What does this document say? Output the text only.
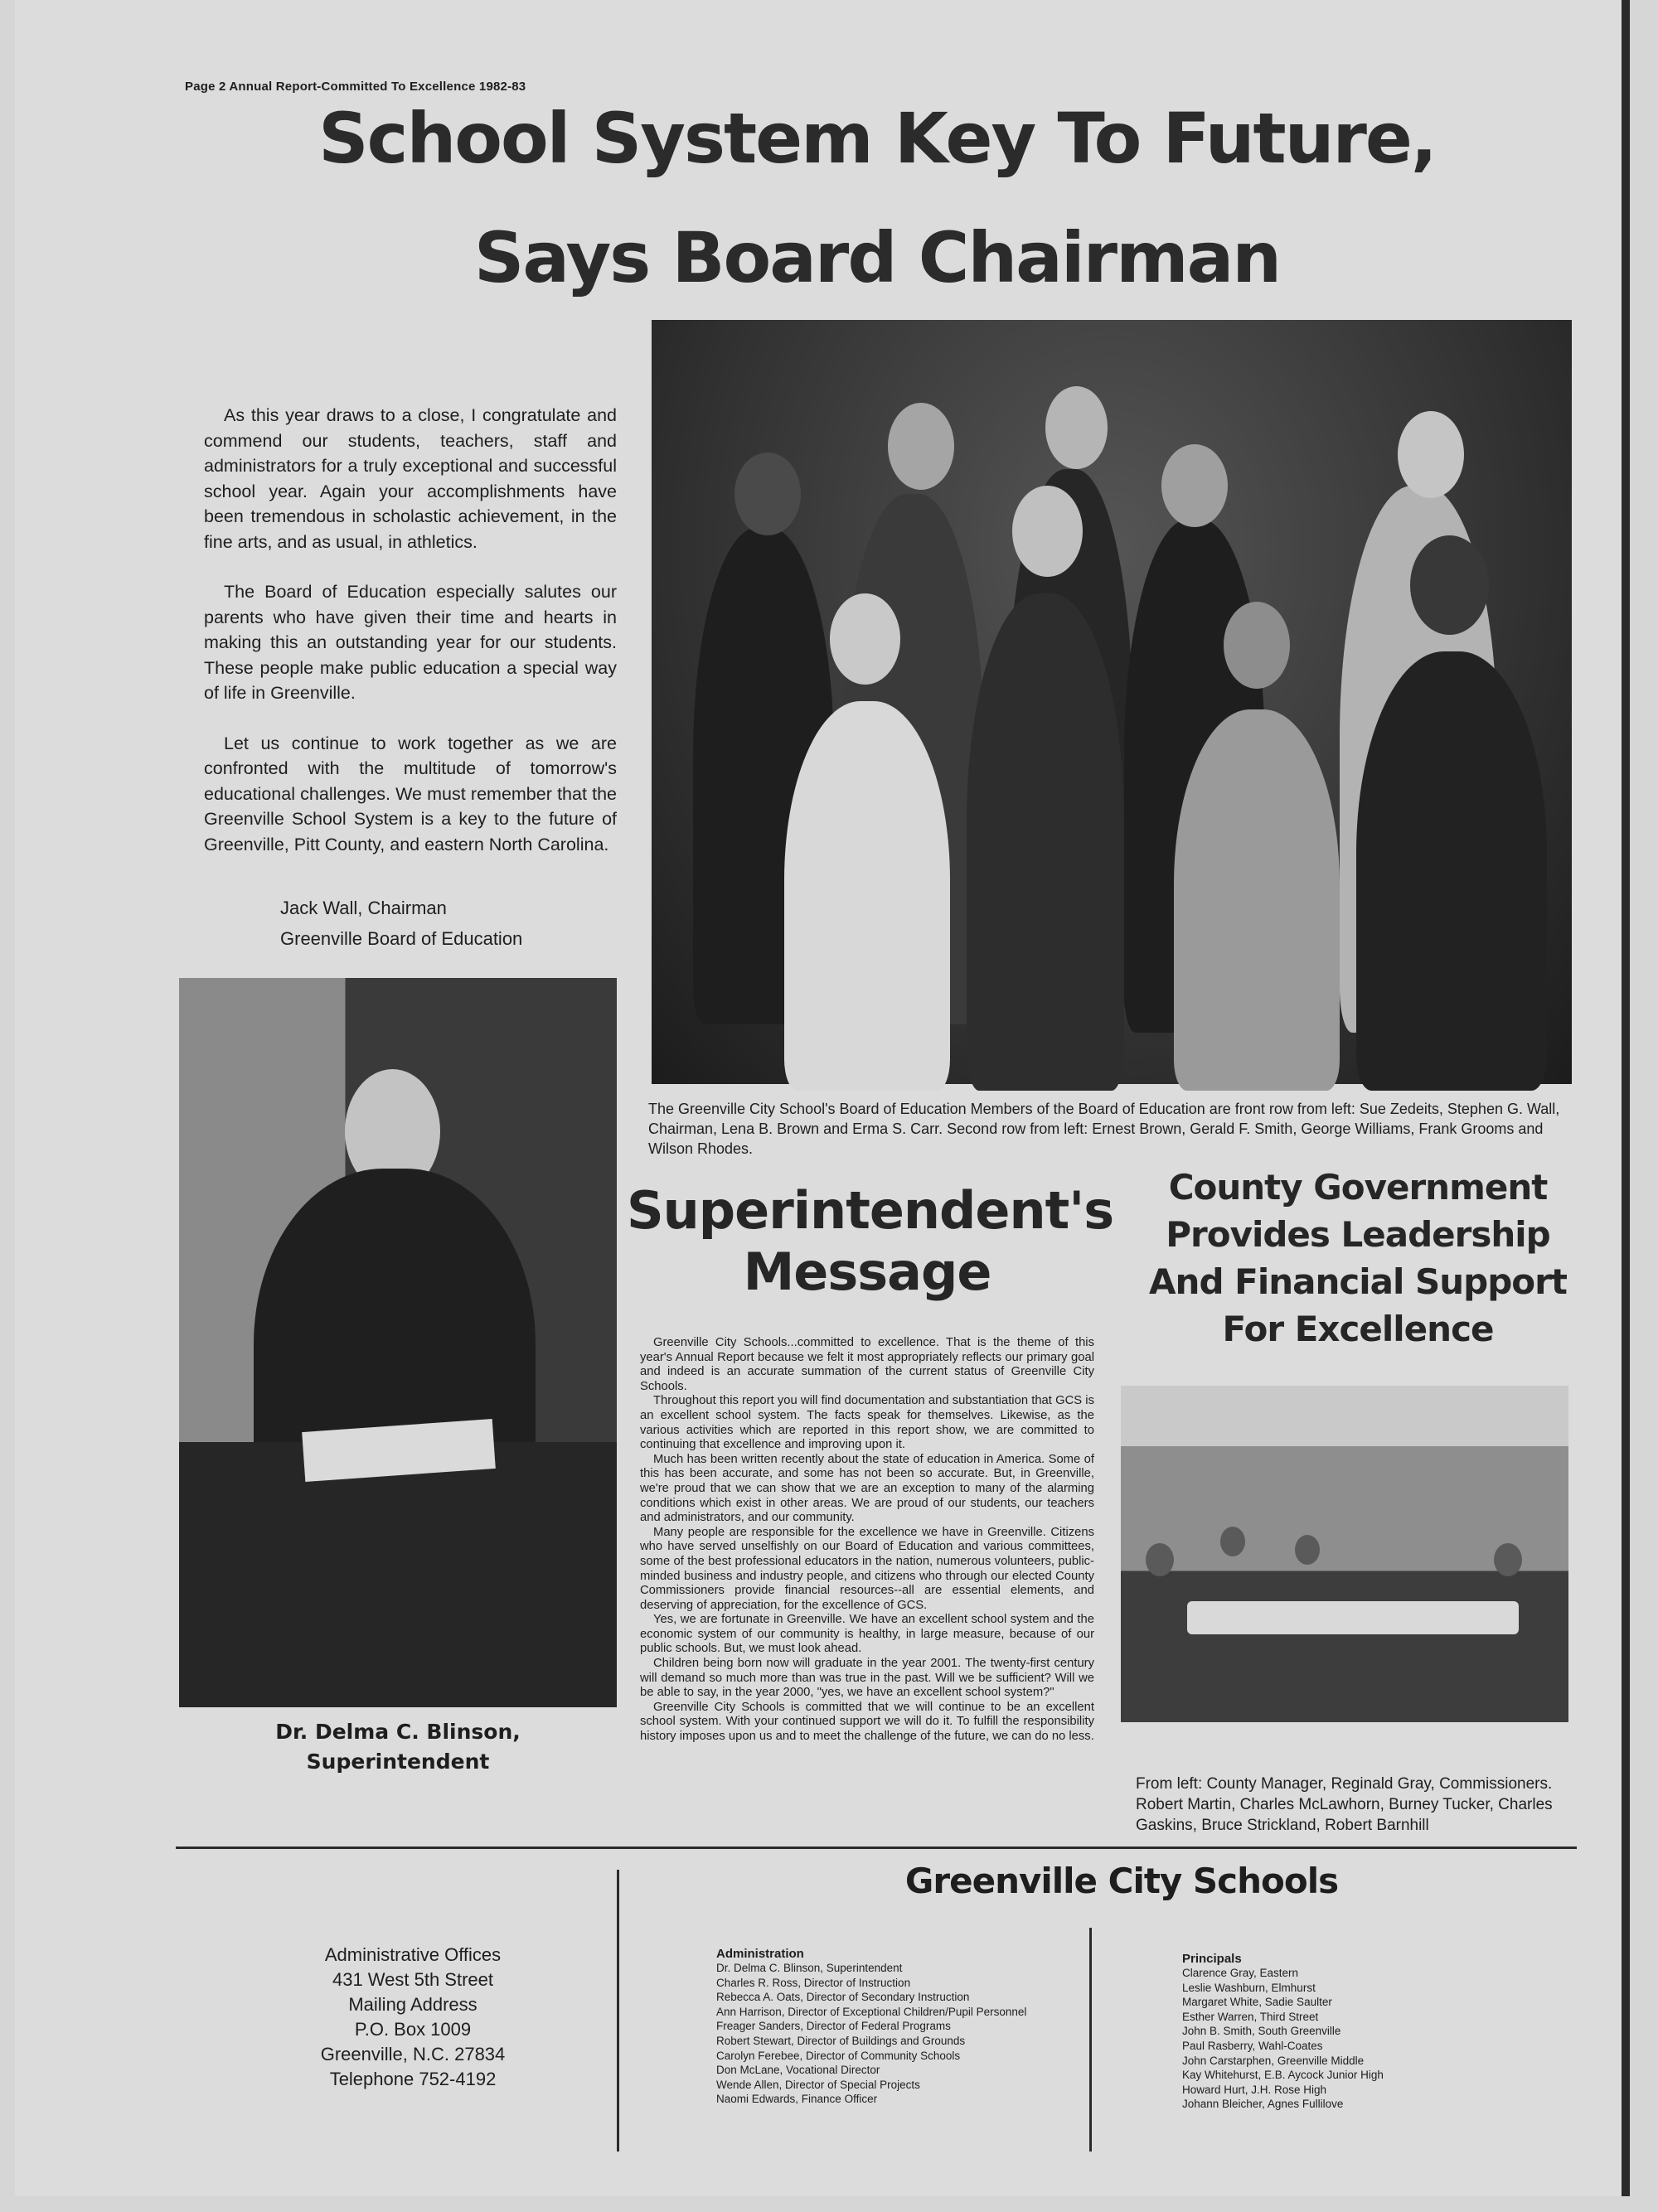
Page 2 Annual Report-Committed To Excellence 1982-83
School System Key To Future,
Says Board Chairman

As this year draws to a close, I congratulate and commend our students, teachers, staff and administrators for a truly exceptional and successful school year. Again your accomplishments have been tremendous in scholastic achievement, in the fine arts, and as usual, in athletics.

The Board of Education especially salutes our parents who have given their time and hearts in making this an outstanding year for our students. These people make public education a special way of life in Greenville.

Let us continue to work together as we are confronted with the multitude of tomorrow's educational challenges. We must remember that the Greenville School System is a key to the future of Greenville, Pitt County, and eastern North Carolina.

Jack Wall, Chairman
Greenville Board of Education
The Greenville City School's Board of Education Members of the Board of Education are front row from left: Sue Zedeits, Stephen G. Wall, Chairman, Lena B. Brown and Erma S. Carr. Second row from left: Ernest Brown, Gerald F. Smith, George Williams, Frank Grooms and Wilson Rhodes.
Dr. Delma C. Blinson,
Superintendent
Superintendent's
Message

Greenville City Schools...committed to excellence. That is the theme of this year's Annual Report because we felt it most appropriately reflects our primary goal and indeed is an accurate summation of the current status of Greenville City Schools.

Throughout this report you will find documentation and substantiation that GCS is an excellent school system. The facts speak for themselves. Likewise, as the various activities which are reported in this report show, we are committed to continuing that excellence and improving upon it.

Much has been written recently about the state of education in America. Some of this has been accurate, and some has not been so accurate. But, in Greenville, we're proud that we can show that we are an exception to many of the alarming conditions which exist in other areas. We are proud of our students, our teachers and administrators, and our community.

Many people are responsible for the excellence we have in Greenville. Citizens who have served unselfishly on our Board of Education and various committees, some of the best professional educators in the nation, numerous volunteers, public-minded business and industry people, and citizens who through our elected County Commissioners provide financial resources--all are essential elements, and deserving of appreciation, for the excellence of GCS.

Yes, we are fortunate in Greenville. We have an excellent school system and the economic system of our community is healthy, in large measure, because of our public schools. But, we must look ahead.

Children being born now will graduate in the year 2001. The twenty-first century will demand so much more than was true in the past. Will we be sufficient? Will we be able to say, in the year 2000, "yes, we have an excellent school system?"

Greenville City Schools is committed that we will continue to be an excellent school system. With your continued support we will do it. To fulfill the responsibility history imposes upon us and to meet the challenge of the future, we can do no less.

County Government
Provides Leadership
And Financial Support
For Excellence
From left: County Manager, Reginald Gray, Commissioners. Robert Martin, Charles McLawhorn, Burney Tucker, Charles Gaskins, Bruce Strickland, Robert Barnhill
Greenville City Schools
Administrative Offices
431 West 5th Street
Mailing Address
P.O. Box 1009
Greenville, N.C. 27834
Telephone 752-4192
Administration
Dr. Delma C. Blinson, Superintendent
Charles R. Ross, Director of Instruction
Rebecca A. Oats, Director of Secondary Instruction
Ann Harrison, Director of Exceptional Children/Pupil Personnel
Freager Sanders, Director of Federal Programs
Robert Stewart, Director of Buildings and Grounds
Carolyn Ferebee, Director of Community Schools
Don McLane, Vocational Director
Wende Allen, Director of Special Projects
Naomi Edwards, Finance Officer
Principals
Clarence Gray, Eastern
Leslie Washburn, Elmhurst
Margaret White, Sadie Saulter
Esther Warren, Third Street
John B. Smith, South Greenville
Paul Rasberry, Wahl-Coates
John Carstarphen, Greenville Middle
Kay Whitehurst, E.B. Aycock Junior High
Howard Hurt, J.H. Rose High
Johann Bleicher, Agnes Fullilove
